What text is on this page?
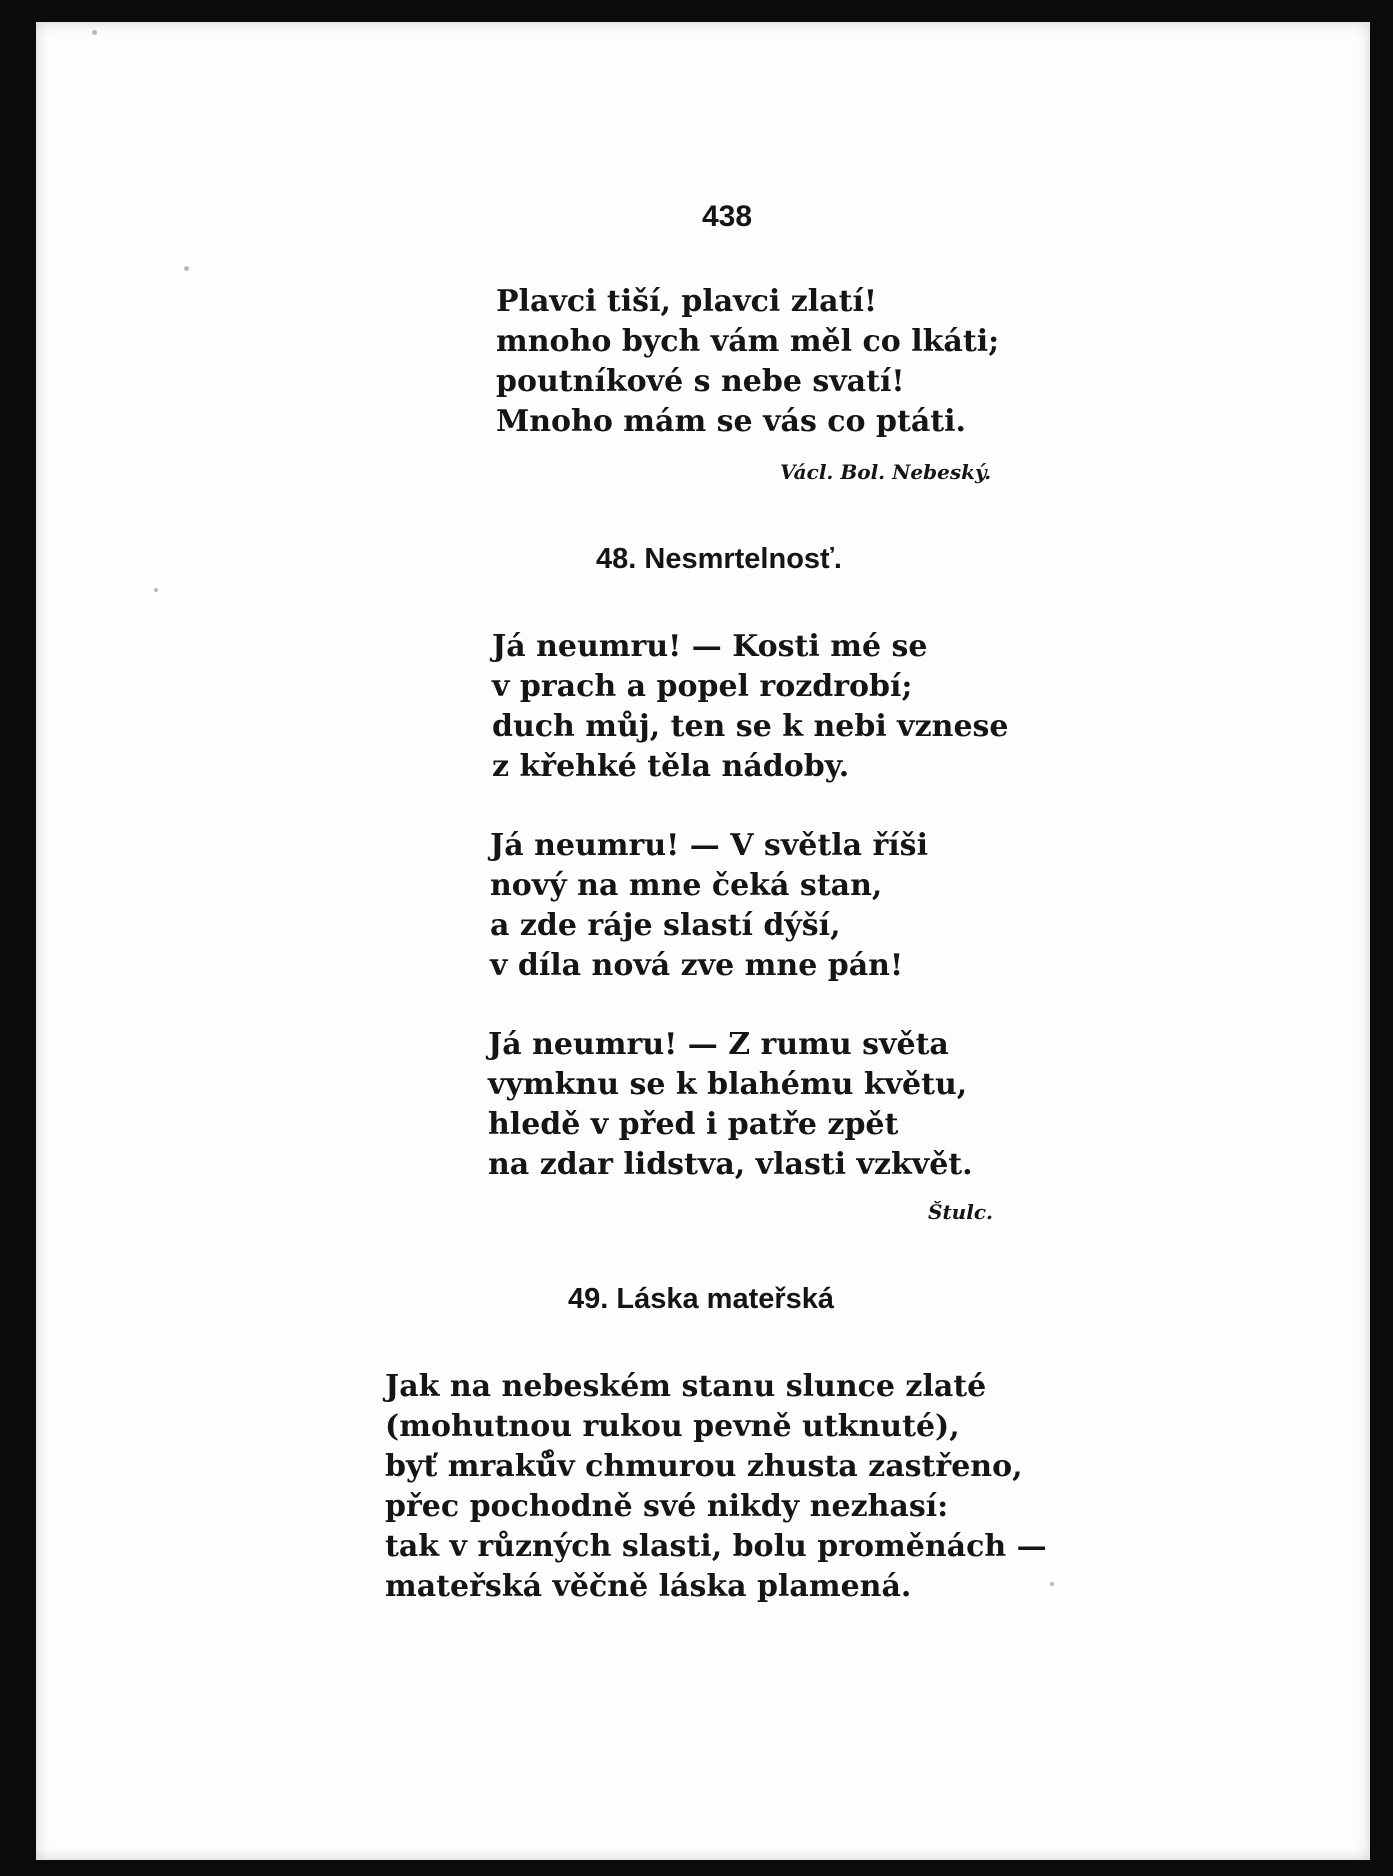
438

Plavci tiší, plavci zlatí!

mnoho bych vám měl co lkáti;

poutníkové s nebe svatí!

Mnoho mám se vás co ptáti.

Václ. Bol. Nebeský.

48. Nesmrtelnosť.

Já neumru! — Kosti mé se

v prach a popel rozdrobí;

duch můj, ten se k nebi vznese

z křehké těla nádoby.

Já neumru! — V světla říši

nový na mne čeká stan,

a zde ráje slastí dýší,

v díla nová zve mne pán!

Já neumru! — Z rumu světa

vymknu se k blahému květu,

hledě v před i patře zpět

na zdar lidstva, vlasti vzkvět.

Štulc.

49. Láska mateřská

Jak na nebeském stanu slunce zlaté

(mohutnou rukou pevně utknuté),

byť mraků̊v chmurou zhusta zastřeno,

přec pochodně své nikdy nezhasí:

tak v různých slasti, bolu proměnách —

mateřská věčně láska plamená.
